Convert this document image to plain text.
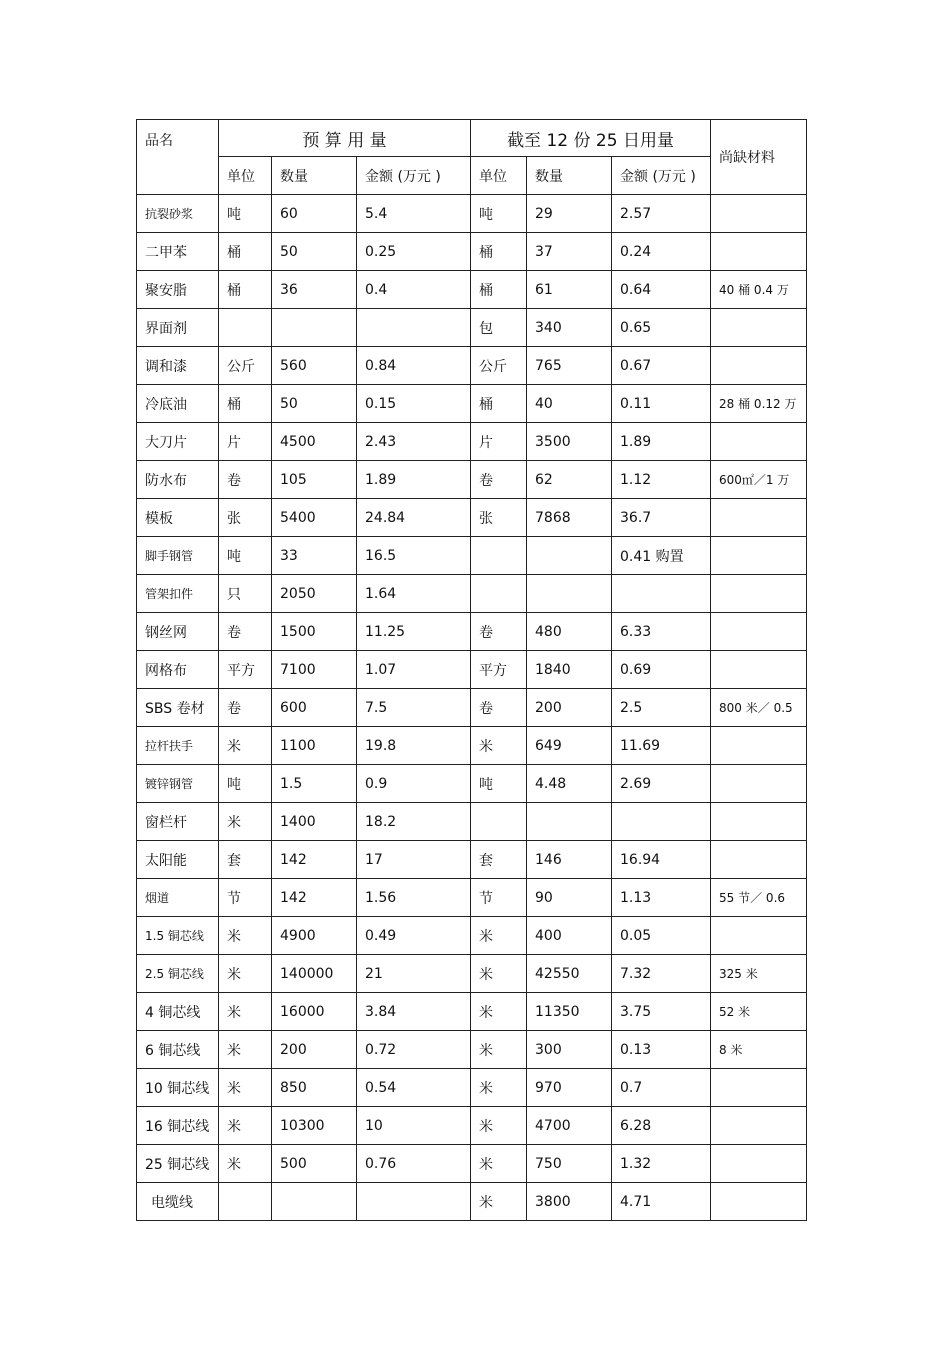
品名	预 算 用 量			截至 12 份 25 日用量			尚缺材料
	单位	数量	金额 (万元 )	单位	数量	金额 (万元 )	
抗裂砂浆	吨	60	5.4	吨	29	2.57	
二甲苯	桶	50	0.25	桶	37	0.24	
聚安脂	桶	36	0.4	桶	61	0.64	40 桶 0.4 万
界面剂				包	340	0.65	
调和漆	公斤	560	0.84	公斤	765	0.67	
冷底油	桶	50	0.15	桶	40	0.11	28 桶 0.12 万
大刀片	片	4500	2.43	片	3500	1.89	
防水布	卷	105	1.89	卷	62	1.12	600㎡／1 万
模板	张	5400	24.84	张	7868	36.7	
脚手钢管	吨	33	16.5			0.41 购置	
管架扣件	只	2050	1.64				
钢丝网	卷	1500	11.25	卷	480	6.33	
网格布	平方	7100	1.07	平方	1840	0.69	
SBS 卷材	卷	600	7.5	卷	200	2.5	800 米／ 0.5
拉杆扶手	米	1100	19.8	米	649	11.69	
镀锌钢管	吨	1.5	0.9	吨	4.48	2.69	
窗栏杆	米	1400	18.2				
太阳能	套	142	17	套	146	16.94	
烟道	节	142	1.56	节	90	1.13	55 节／ 0.6
1.5 铜芯线	米	4900	0.49	米	400	0.05	
2.5 铜芯线	米	140000	21	米	42550	7.32	325 米
4 铜芯线	米	16000	3.84	米	11350	3.75	52 米
6 铜芯线	米	200	0.72	米	300	0.13	8 米
10 铜芯线	米	850	0.54	米	970	0.7	
16 铜芯线	米	10300	10	米	4700	6.28	
25 铜芯线	米	500	0.76	米	750	1.32	
电缆线				米	3800	4.71	
